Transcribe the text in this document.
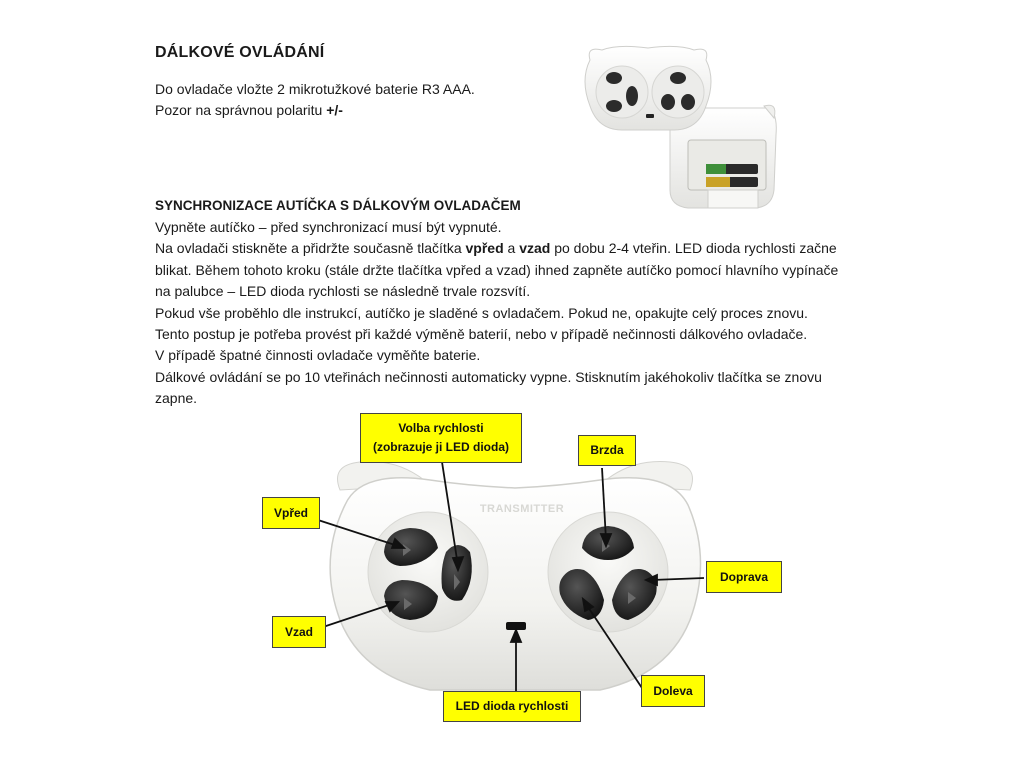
DÁLKOVÉ OVLÁDÁNÍ
Do ovladače vložte 2 mikrotužkové baterie R3 AAA.
Pozor na správnou polaritu +/-
SYNCHRONIZACE AUTÍČKA S DÁLKOVÝM OVLADAČEM
Vypněte autíčko – před synchronizací musí být vypnuté.
Na ovladači stiskněte a přidržte současně tlačítka vpřed a vzad po dobu 2-4 vteřin. LED dioda rychlosti začne
blikat. Během tohoto kroku (stále držte tlačítka vpřed a vzad) ihned zapněte autíčko pomocí hlavního vypínače
na palubce – LED dioda rychlosti se následně trvale rozsvítí.
Pokud vše proběhlo dle instrukcí, autíčko je sladěné s ovladačem. Pokud ne, opakujte celý proces znovu.
Tento postup je potřeba provést při každé výměně baterií, nebo v případě nečinnosti dálkového ovladače.
V případě špatné činnosti ovladače vyměňte baterie.
Dálkové ovládání se po 10 vteřinách nečinnosti automaticky vypne. Stisknutím jakéhokoliv tlačítka se znovu
zapne.
TRANSMITTER
Volba rychlosti
(zobrazuje ji LED dioda)	Brzda
Vpřed
Doprava
Vzad
Doleva
LED dioda rychlosti
